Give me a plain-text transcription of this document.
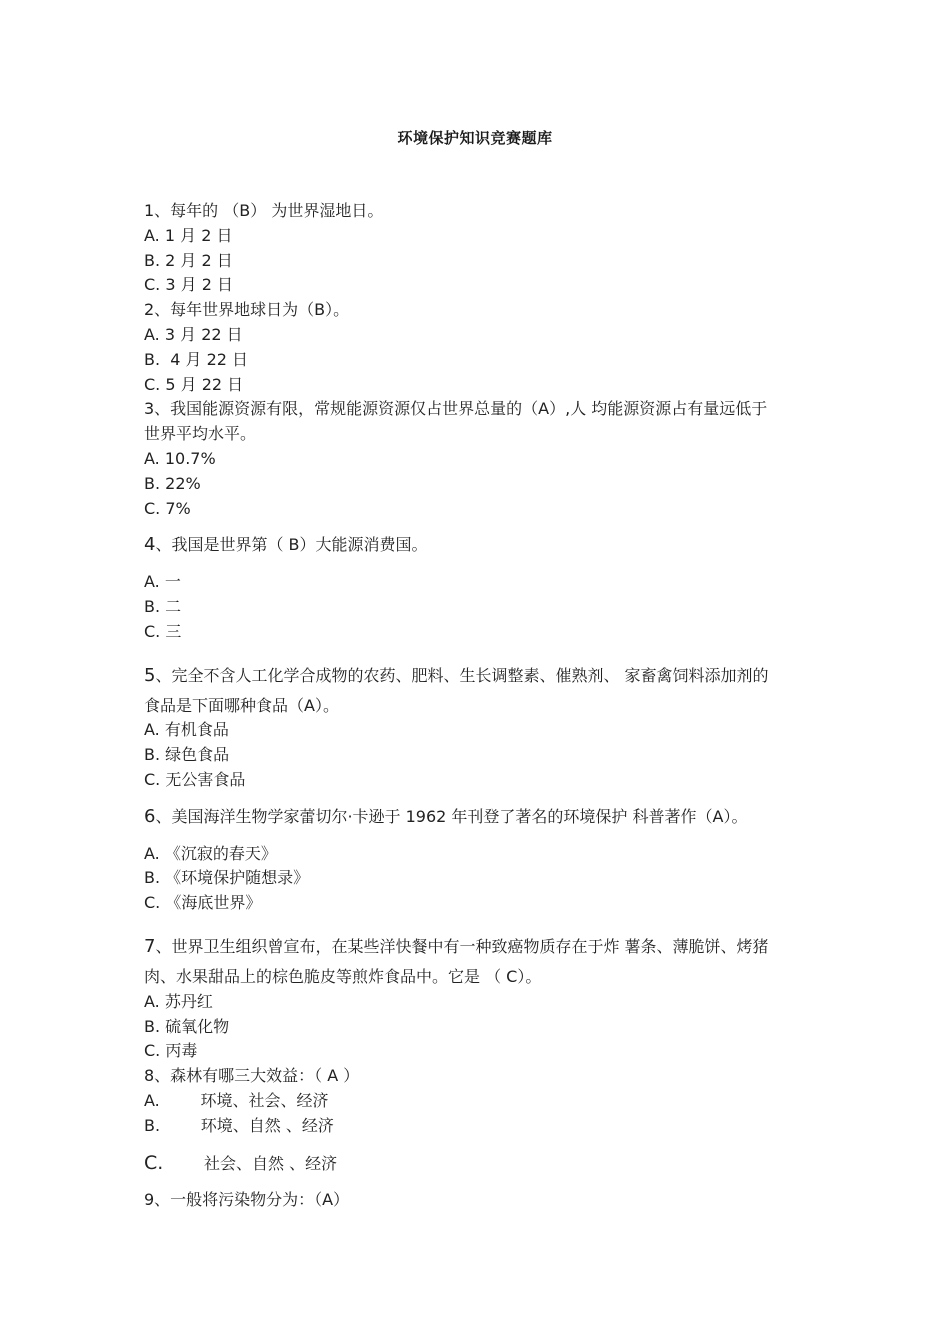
环境保护知识竞赛题库
1、每年的 （B） 为世界湿地日。
A. 1 月 2 日
B. 2 月 2 日
C. 3 月 2 日
2、每年世界地球日为（B）。
A. 3 月 22 日
B.  4 月 22 日
C. 5 月 22 日
3、我国能源资源有限，常规能源资源仅占世界总量的（A）,人 均能源资源占有量远低于
世界平均水平。
A. 10.7%
B. 22%
C. 7%
4、我国是世界第（ B）大能源消费国。
A. 一
B. 二
C. 三
5、完全不含人工化学合成物的农药、肥料、生长调整素、催熟剂、 家畜禽饲料添加剂的
食品是下面哪种食品（A）。
A. 有机食品
B. 绿色食品
C. 无公害食品
6、美国海洋生物学家蕾切尔·卡逊于 1962 年刊登了著名的环境保护 科普著作（A）。
A. 《沉寂的春天》
B. 《环境保护随想录》
C. 《海底世界》
7、世界卫生组织曾宣布，在某些洋快餐中有一种致癌物质存在于炸 薯条、薄脆饼、烤猪
肉、水果甜品上的棕色脆皮等煎炸食品中。它是 （ C）。
A. 苏丹红
B. 硫氧化物
C. 丙毒
8、森林有哪三大效益：（ A ）
A.        环境、社会、经济
B.        环境、自然 、经济
C.        社会、自然 、经济
9、一般将污染物分为：（A）
